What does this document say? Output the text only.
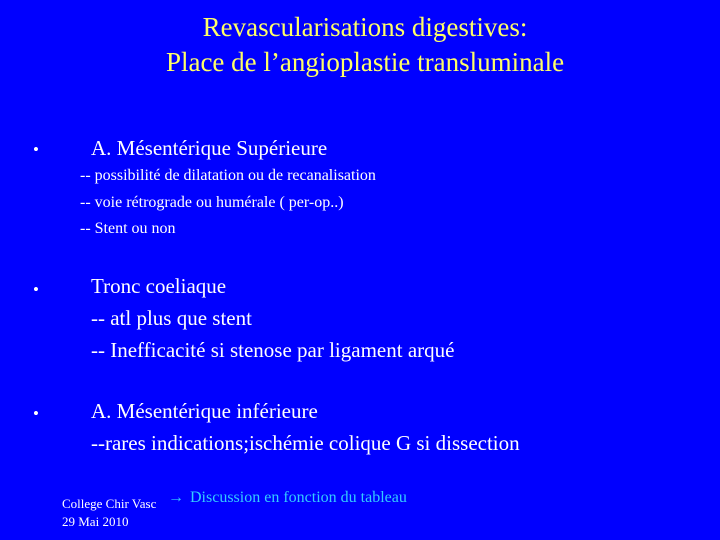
Revascularisations digestives:
Place de l’angioplastie transluminale
• A. Mésentérique Supérieure
-- possibilité de dilatation ou de recanalisation
-- voie rétrograde ou humérale ( per-op..)
-- Stent ou non
• Tronc coeliaque
-- atl plus que stent
-- Inefficacité si stenose par ligament arqué
• A. Mésentérique inférieure
--rares indications;ischémie colique G si dissection
College Chir Vasc
29 Mai 2010
→ Discussion en fonction du tableau
